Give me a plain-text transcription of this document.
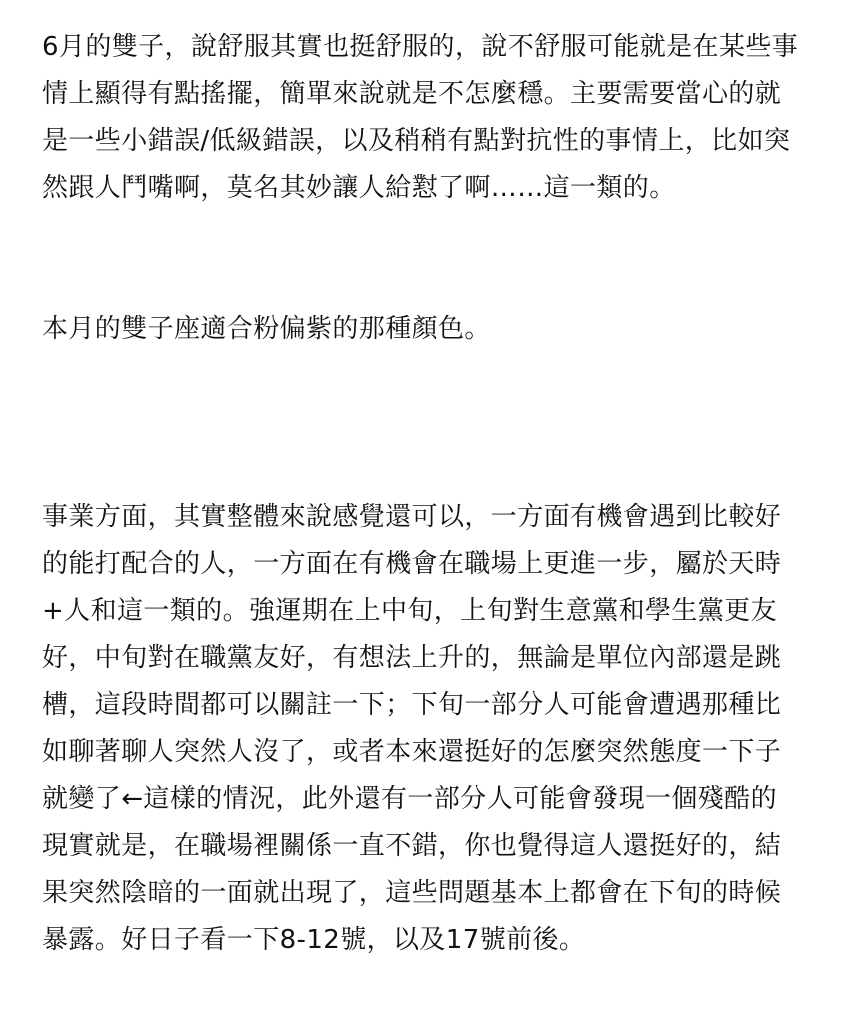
6月的雙子，說舒服其實也挺舒服的，說不舒服可能就是在某些事情上顯得有點搖擺，簡單來說就是不怎麼穩。主要需要當心的就是一些小錯誤/低級錯誤，以及稍稍有點對抗性的事情上，比如突然跟人鬥嘴啊，莫名其妙讓人給懟了啊……這一類的。

本月的雙子座適合粉偏紫的那種顏色。

事業方面，其實整體來說感覺還可以，一方面有機會遇到比較好的能打配合的人，一方面在有機會在職場上更進一步，屬於天時+人和這一類的。強運期在上中旬，上旬對生意黨和學生黨更友好，中旬對在職黨友好，有想法上升的，無論是單位內部還是跳槽，這段時間都可以關註一下；下旬一部分人可能會遭遇那種比如聊著聊人突然人沒了，或者本來還挺好的怎麼突然態度一下子就變了←這樣的情況，此外還有一部分人可能會發現一個殘酷的現實就是，在職場裡關係一直不錯，你也覺得這人還挺好的，結果突然陰暗的一面就出現了，這些問題基本上都會在下旬的時候暴露。好日子看一下8-12號，以及17號前後。
